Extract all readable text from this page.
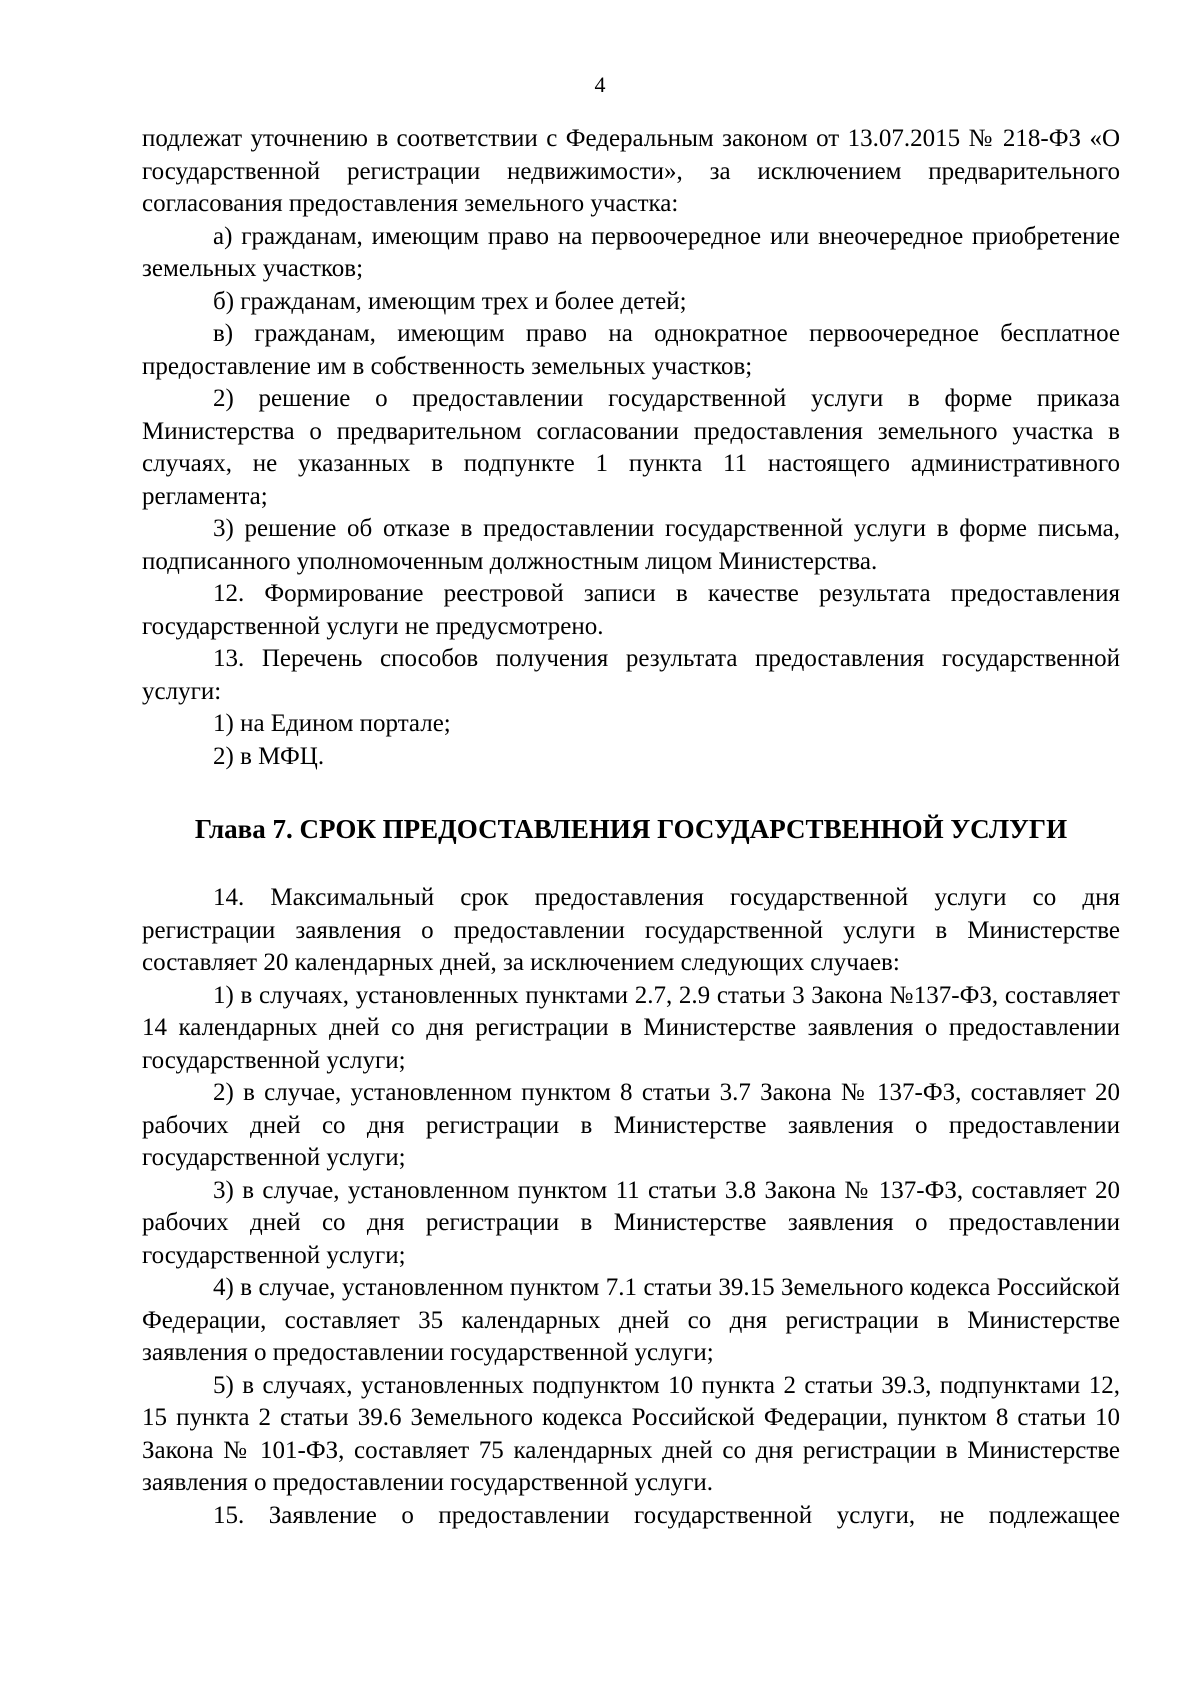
4

подлежат уточнению в соответствии с Федеральным законом от 13.07.2015 № 218-ФЗ «О государственной регистрации недвижимости», за исключением предварительного согласования предоставления земельного участка:

а) гражданам, имеющим право на первоочередное или внеочередное приобретение земельных участков;

б) гражданам, имеющим трех и более детей;

в) гражданам, имеющим право на однократное первоочередное бесплатное предоставление им в собственность земельных участков;

2) решение о предоставлении государственной услуги в форме приказа Министерства о предварительном согласовании предоставления земельного участка в случаях, не указанных в подпункте 1 пункта 11 настоящего административного регламента;

3) решение об отказе в предоставлении государственной услуги в форме письма, подписанного уполномоченным должностным лицом Министерства.

12. Формирование реестровой записи в качестве результата предоставления государственной услуги не предусмотрено.

13. Перечень способов получения результата предоставления государственной услуги:

1) на Едином портале;

2) в МФЦ.

Глава 7. СРОК ПРЕДОСТАВЛЕНИЯ ГОСУДАРСТВЕННОЙ УСЛУГИ

14. Максимальный срок предоставления государственной услуги со дня регистрации заявления о предоставлении государственной услуги в Министерстве составляет 20 календарных дней, за исключением следующих случаев:

1) в случаях, установленных пунктами 2.7, 2.9 статьи 3 Закона №137-ФЗ, составляет 14 календарных дней со дня регистрации в Министерстве заявления о предоставлении государственной услуги;

2) в случае, установленном пунктом 8 статьи 3.7 Закона № 137-ФЗ, составляет 20 рабочих дней со дня регистрации в Министерстве заявления о предоставлении государственной услуги;

3) в случае, установленном пунктом 11 статьи 3.8 Закона № 137-ФЗ, составляет 20 рабочих дней со дня регистрации в Министерстве заявления о предоставлении государственной услуги;

4) в случае, установленном пунктом 7.1 статьи 39.15 Земельного кодекса Российской Федерации, составляет 35 календарных дней со дня регистрации в Министерстве заявления о предоставлении государственной услуги;

5) в случаях, установленных подпунктом 10 пункта 2 статьи 39.3, подпунктами 12, 15 пункта 2 статьи 39.6 Земельного кодекса Российской Федерации, пунктом 8 статьи 10 Закона № 101-ФЗ, составляет 75 календарных дней со дня регистрации в Министерстве заявления о предоставлении государственной услуги.

15. Заявление о предоставлении государственной услуги, не подлежащее
